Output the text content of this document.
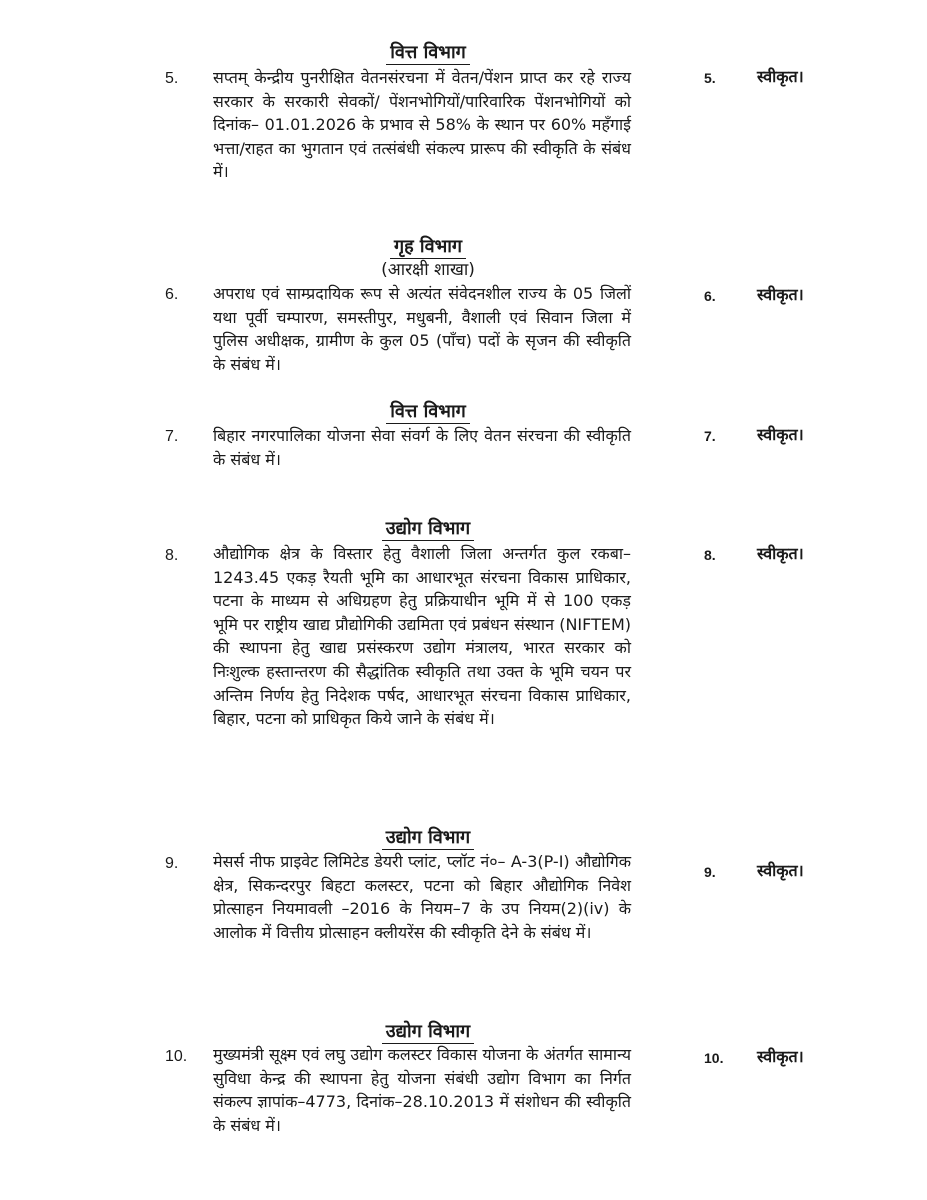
वित्त विभाग
5. सप्तम् केन्द्रीय पुनरीक्षित वेतनसंरचना में वेतन/पेंशन प्राप्त कर रहे राज्य सरकार के सरकारी सेवकों/ पेंशनभोगियों/पारिवारिक पेंशनभोगियों को दिनांक– 01.01.2026 के प्रभाव से 58% के स्थान पर 60% महँगाई भत्ता/राहत का भुगतान एवं तत्संबंधी संकल्प प्रारूप की स्वीकृति के संबंध में।
5.	स्वीकृत।
गृह विभाग
(आरक्षी शाखा)
6. अपराध एवं साम्प्रदायिक रूप से अत्यंत संवेदनशील राज्य के 05 जिलों यथा पूर्वी चम्पारण, समस्तीपुर, मधुबनी, वैशाली एवं सिवान जिला में पुलिस अधीक्षक, ग्रामीण के कुल 05 (पाँच) पदों के सृजन की स्वीकृति के संबंध में।
6.	स्वीकृत।
वित्त विभाग
7. बिहार नगरपालिका योजना सेवा संवर्ग के लिए वेतन संरचना की स्वीकृति के संबंध में।
7.	स्वीकृत।
उद्योग विभाग
8. औद्योगिक क्षेत्र के विस्तार हेतु वैशाली जिला अन्तर्गत कुल रकबा–1243.45 एकड़ रैयती भूमि का आधारभूत संरचना विकास प्राधिकार, पटना के माध्यम से अधिग्रहण हेतु प्रक्रियाधीन भूमि में से 100 एकड़ भूमि पर राष्ट्रीय खाद्य प्रौद्योगिकी उद्यमिता एवं प्रबंधन संस्थान (NIFTEM) की स्थापना हेतु खाद्य प्रसंस्करण उद्योग मंत्रालय, भारत सरकार को निःशुल्क हस्तान्तरण की सैद्धांतिक स्वीकृति तथा उक्त के भूमि चयन पर अन्तिम निर्णय हेतु निदेशक पर्षद, आधारभूत संरचना विकास प्राधिकार, बिहार, पटना को प्राधिकृत किये जाने के संबंध में।
8.	स्वीकृत।
उद्योग विभाग
9. मेसर्स नीफ प्राइवेट लिमिटेड डेयरी प्लांट, प्लॉट नं०– A-3(P-I) औद्योगिक क्षेत्र, सिकन्दरपुर बिहटा कलस्टर, पटना को बिहार औद्योगिक निवेश प्रोत्साहन नियमावली –2016 के नियम–7 के उप नियम(2)(iv) के आलोक में वित्तीय प्रोत्साहन क्लीयरेंस की स्वीकृति देने के संबंध में।
9.	स्वीकृत।
उद्योग विभाग
10. मुख्यमंत्री सूक्ष्म एवं लघु उद्योग कलस्टर विकास योजना के अंतर्गत सामान्य सुविधा केन्द्र की स्थापना हेतु योजना संबंधी उद्योग विभाग का निर्गत संकल्प ज्ञापांक–4773, दिनांक–28.10.2013 में संशोधन की स्वीकृति के संबंध में।
10. स्वीकृत।
